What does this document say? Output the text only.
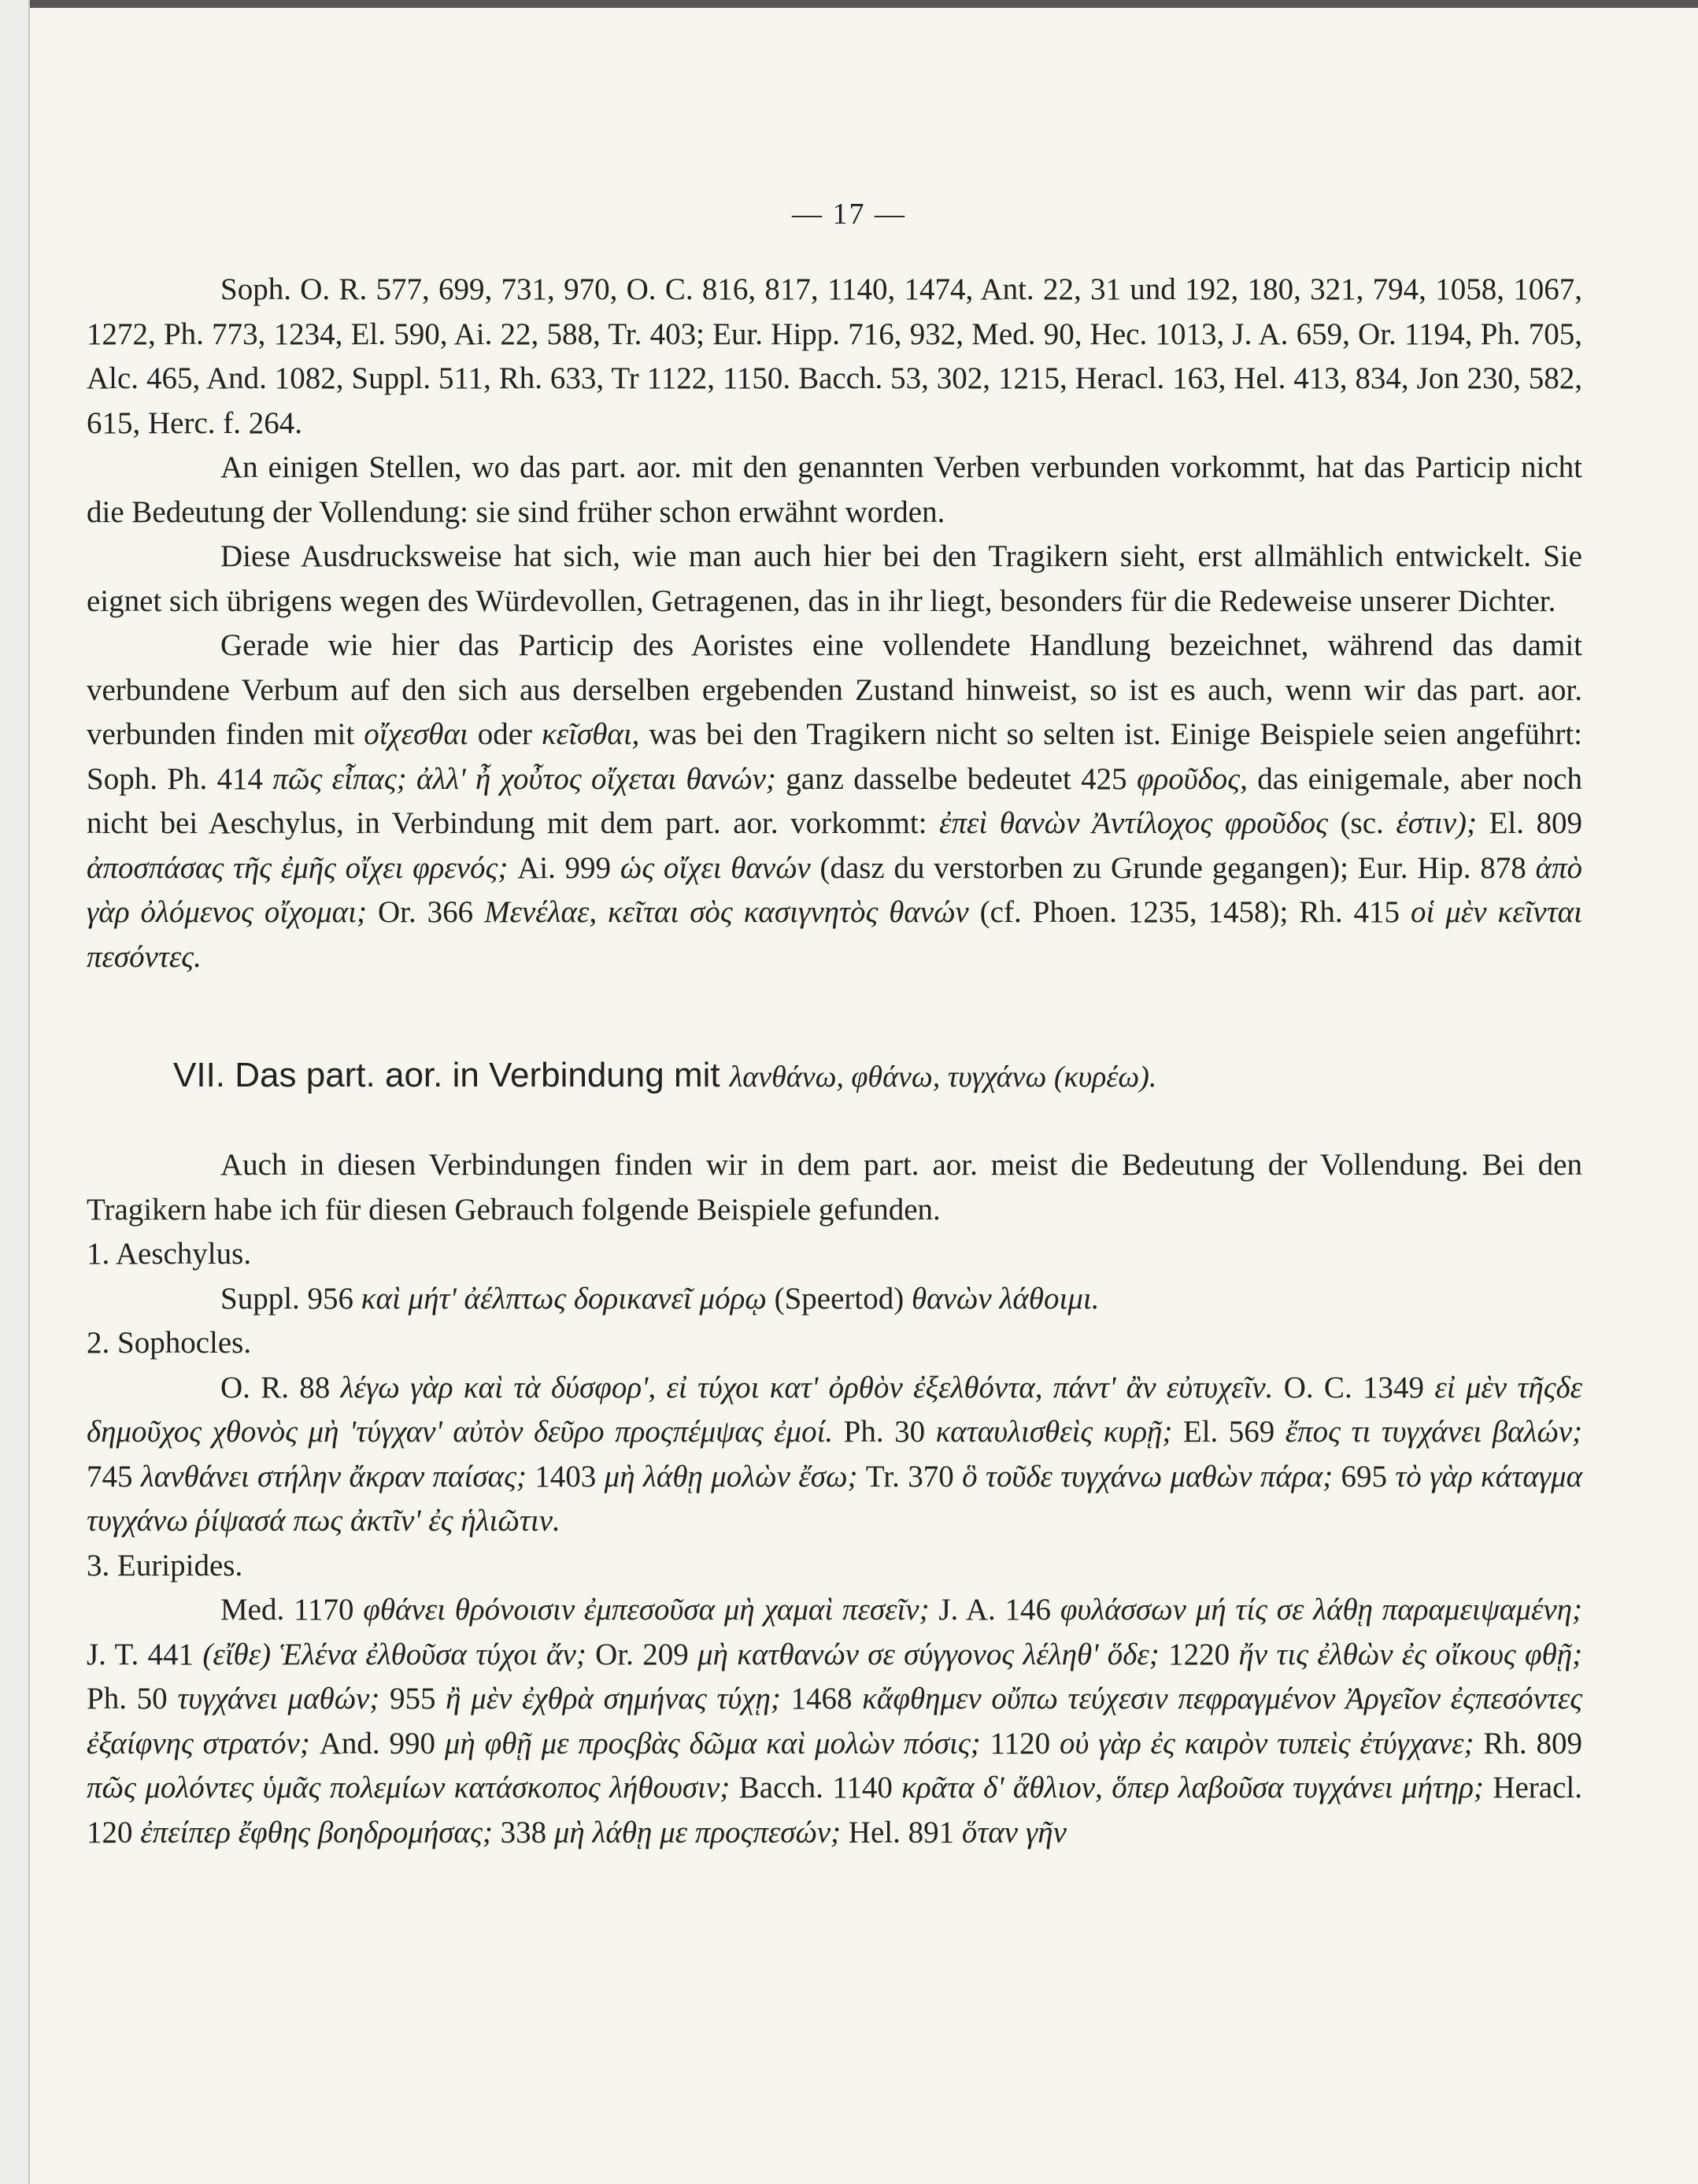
— 17 —

Soph. O. R. 577, 699, 731, 970, O. C. 816, 817, 1140, 1474, Ant. 22, 31 und 192, 180, 321, 794, 1058, 1067, 1272, Ph. 773, 1234, El. 590, Ai. 22, 588, Tr. 403; Eur. Hipp. 716, 932, Med. 90, Hec. 1013, J. A. 659, Or. 1194, Ph. 705, Alc. 465, And. 1082, Suppl. 511, Rh. 633, Tr 1122, 1150. Bacch. 53, 302, 1215, Heracl. 163, Hel. 413, 834, Jon 230, 582, 615, Herc. f. 264.

An einigen Stellen, wo das part. aor. mit den genannten Verben verbunden vorkommt, hat das Particip nicht die Bedeutung der Vollendung: sie sind früher schon erwähnt worden.

Diese Ausdrucksweise hat sich, wie man auch hier bei den Tragikern sieht, erst allmählich entwickelt. Sie eignet sich übrigens wegen des Würdevollen, Getragenen, das in ihr liegt, besonders für die Redeweise unserer Dichter.

Gerade wie hier das Particip des Aoristes eine vollendete Handlung bezeichnet, während das damit verbundene Verbum auf den sich aus derselben ergebenden Zustand hinweist, so ist es auch, wenn wir das part. aor. verbunden finden mit οἴχεσθαι oder κεῖσθαι, was bei den Tragikern nicht so selten ist. Einige Beispiele seien angeführt: Soph. Ph. 414 πῶς εἶπας; ἀλλ' ἦ χοὖτος οἴχεται θανών; ganz dasselbe bedeutet 425 φροῦδος, das einigemale, aber noch nicht bei Aeschylus, in Verbindung mit dem part. aor. vorkommt: ἐπεὶ θανὼν Ἀντίλοχος φροῦδος (sc. ἐστιν); El. 809 ἀποσπάσας τῆς ἐμῆς οἴχει φρενός; Ai. 999 ὡς οἴχει θανών (dasz du verstorben zu Grunde gegangen); Eur. Hip. 878 ἀπὸ γὰρ ὀλόμενος οἴχομαι; Or. 366 Μενέλαε, κεῖται σὸς κασιγνητὸς θανών (cf. Phoen. 1235, 1458); Rh. 415 οἱ μὲν κεῖνται πεσόντες.

VII. Das part. aor. in Verbindung mit λανθάνω, φθάνω, τυγχάνω (κυρέω).

Auch in diesen Verbindungen finden wir in dem part. aor. meist die Bedeutung der Vollendung. Bei den Tragikern habe ich für diesen Gebrauch folgende Beispiele gefunden.

1. Aeschylus.

Suppl. 956 καὶ μήτ' ἀέλπτως δορικανεῖ μόρῳ (Speertod) θανὼν λάθοιμι.

2. Sophocles.

O. R. 88 λέγω γὰρ καὶ τὰ δύσφορ', εἰ τύχοι κατ' ὀρθὸν ἐξελθόντα, πάντ' ἂν εὐτυχεῖν. O. C. 1349 εἰ μὲν τῆςδε δημοῦχος χθονὸς μὴ 'τύγχαν' αὐτὸν δεῦρο προςπέμψας ἐμοί. Ph. 30 καταυλισθεὶς κυρῇ; El. 569 ἔπος τι τυγχάνει βαλών; 745 λανθάνει στήλην ἄκραν παίσας; 1403 μὴ λάθῃ μολὼν ἔσω; Tr. 370 ὃ τοῦδε τυγχάνω μαθὼν πάρα; 695 τὸ γὰρ κάταγμα τυγχάνω ῥίψασά πως ἀκτῖν' ἐς ἡλιῶτιν.

3. Euripides.

Med. 1170 φθάνει θρόνοισιν ἐμπεσοῦσα μὴ χαμαὶ πεσεῖν; J. A. 146 φυλάσσων μή τίς σε λάθῃ παραμειψαμένη; J. T. 441 (εἴθε) Ἑλένα ἐλθοῦσα τύχοι ἄν; Or. 209 μὴ κατθανών σε σύγγονος λέληθ' ὅδε; 1220 ἤν τις ἐλθὼν ἐς οἴκους φθῇ; Ph. 50 τυγχάνει μαθών; 955 ἢ μὲν ἐχθρὰ σημήνας τύχῃ; 1468 κἄφθημεν οὔπω τεύχεσιν πεφραγμένον Ἀργεῖον ἐςπεσόντες ἐξαίφνης στρατόν; And. 990 μὴ φθῇ με προςβὰς δῶμα καὶ μολὼν πόσις; 1120 οὐ γὰρ ἐς καιρὸν τυπεὶς ἐτύγχανε; Rh. 809 πῶς μολόντες ὑμᾶς πολεμίων κατάσκοπος λήθουσιν; Bacch. 1140 κρᾶτα δ' ἄθλιον, ὅπερ λαβοῦσα τυγχάνει μήτηρ; Heracl. 120 ἐπείπερ ἔφθης βοηδρομήσας; 338 μὴ λάθῃ με προςπεσών; Hel. 891 ὅταν γῆν
